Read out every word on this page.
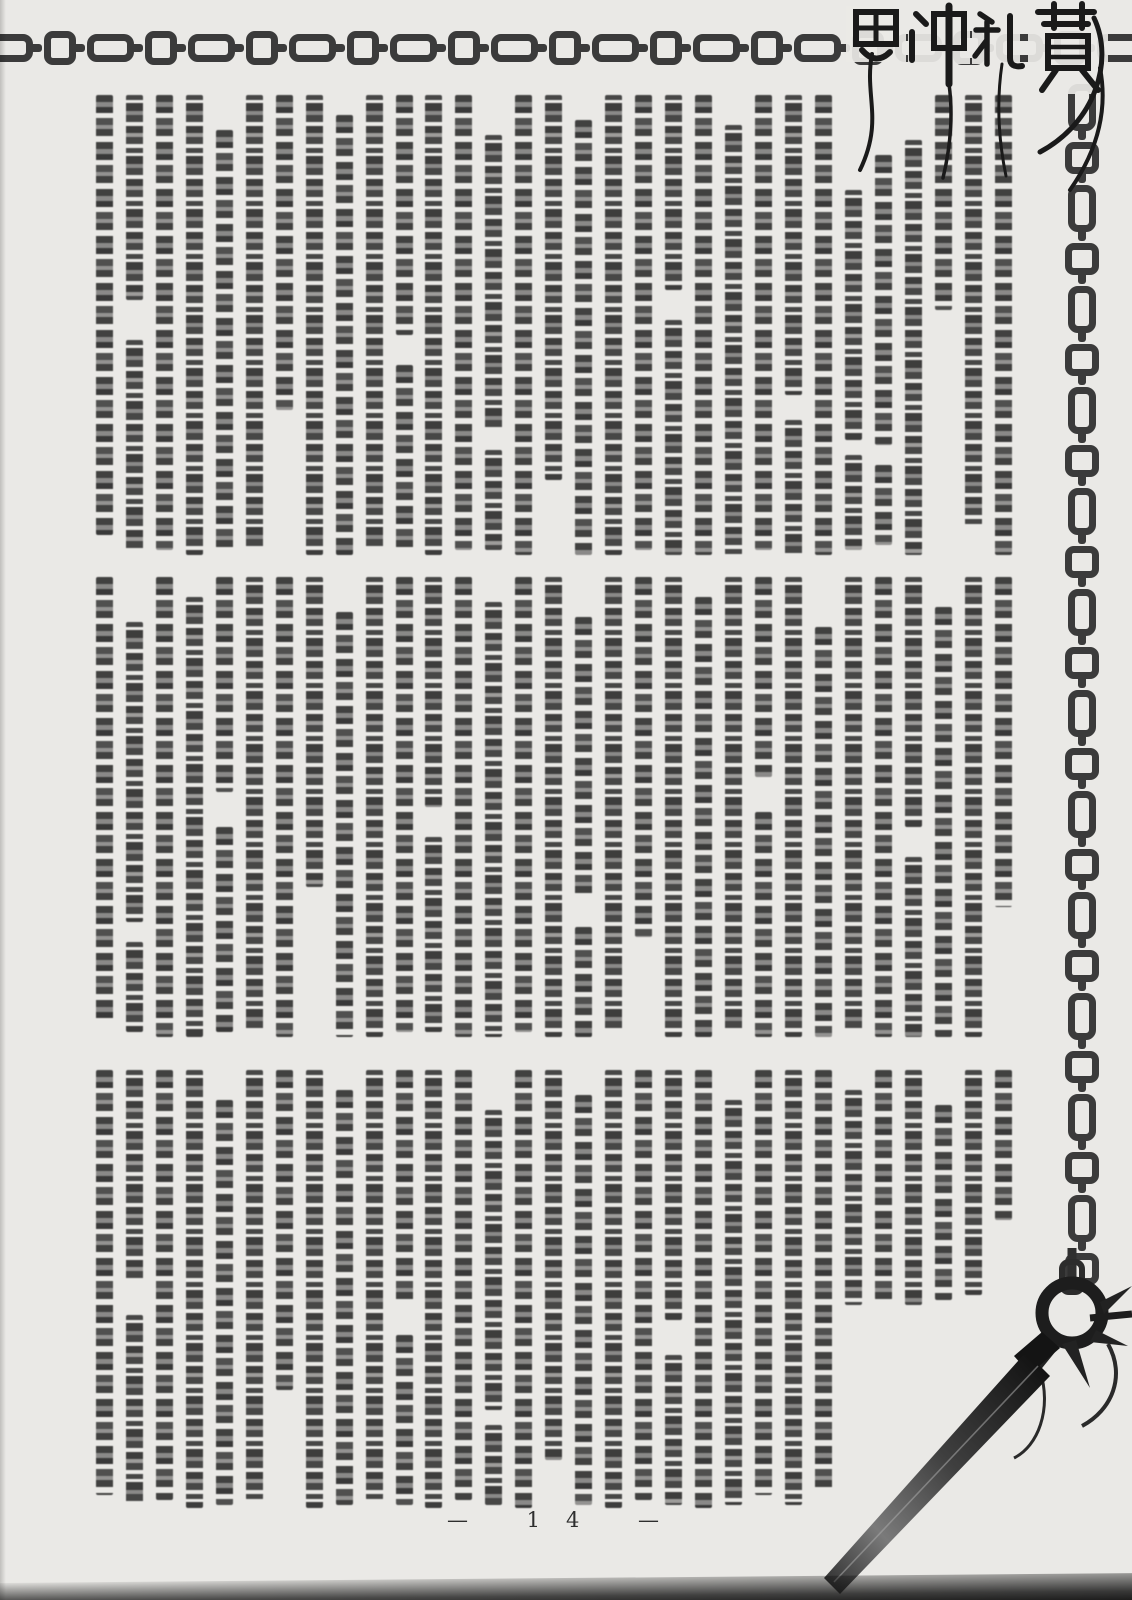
— 14 —
